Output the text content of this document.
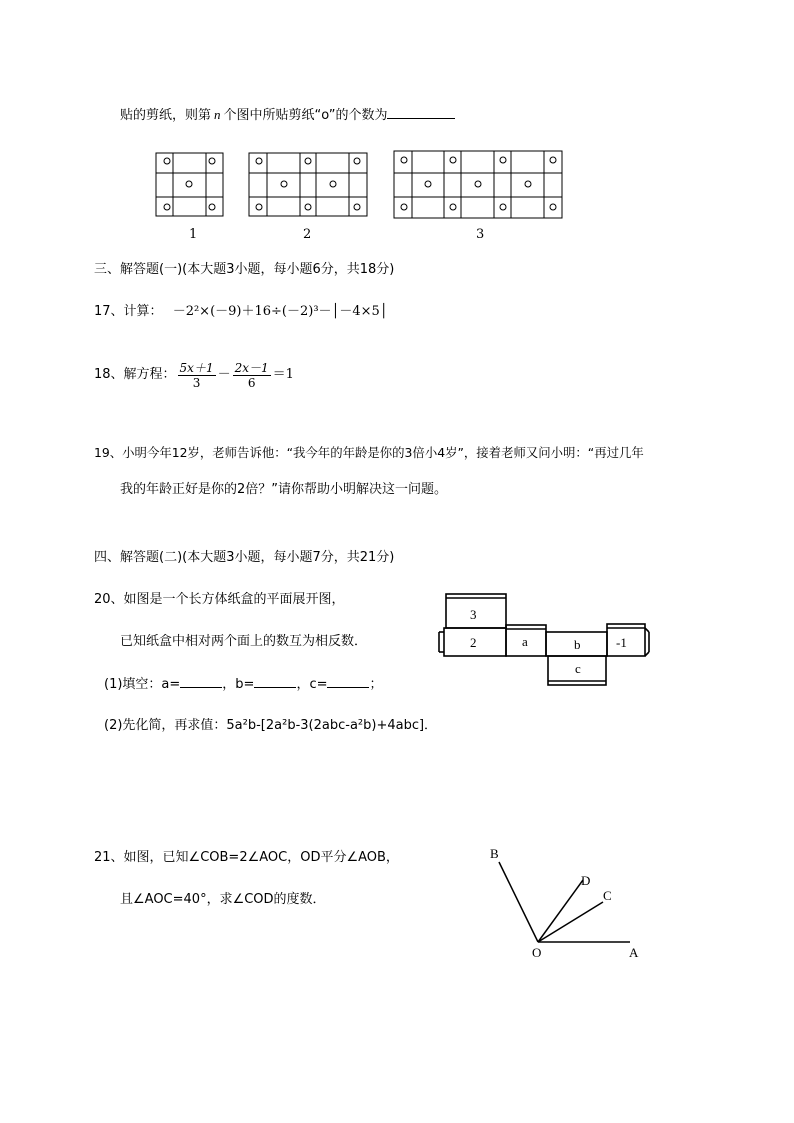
贴的剪纸，则第 n 个图中所贴剪纸“o”的个数为
1	2	3
三、解答题(一)(本大题3小题，每小题6分，共18分)
17、计算： －2²×(－9)＋16÷(－2)³－│－4×5│
18、解方程： $\frac{5x+1}{3} - \frac{2x-1}{6} =1$
19、小明今年12岁，老师告诉他：“我今年的年龄是你的3倍小4岁”，接着老师又问小明：“再过几年
我的年龄正好是你的2倍？”请你帮助小明解决这一问题。
四、解答题(二)(本大题3小题，每小题7分，共21分)
20、如图是一个长方体纸盒的平面展开图，
已知纸盒中相对两个面上的数互为相反数．
(1)填空：a=	，b=	，c=	；
(2)先化简，再求值：5a²b-[2a²b-3(2abc-a²b)+4abc]．
3
2	a	b	-1
c
21、如图，已知∠COB=2∠AOC，OD平分∠AOB，
且∠AOC=40°，求∠COD的度数．
B
D
C
O	A
